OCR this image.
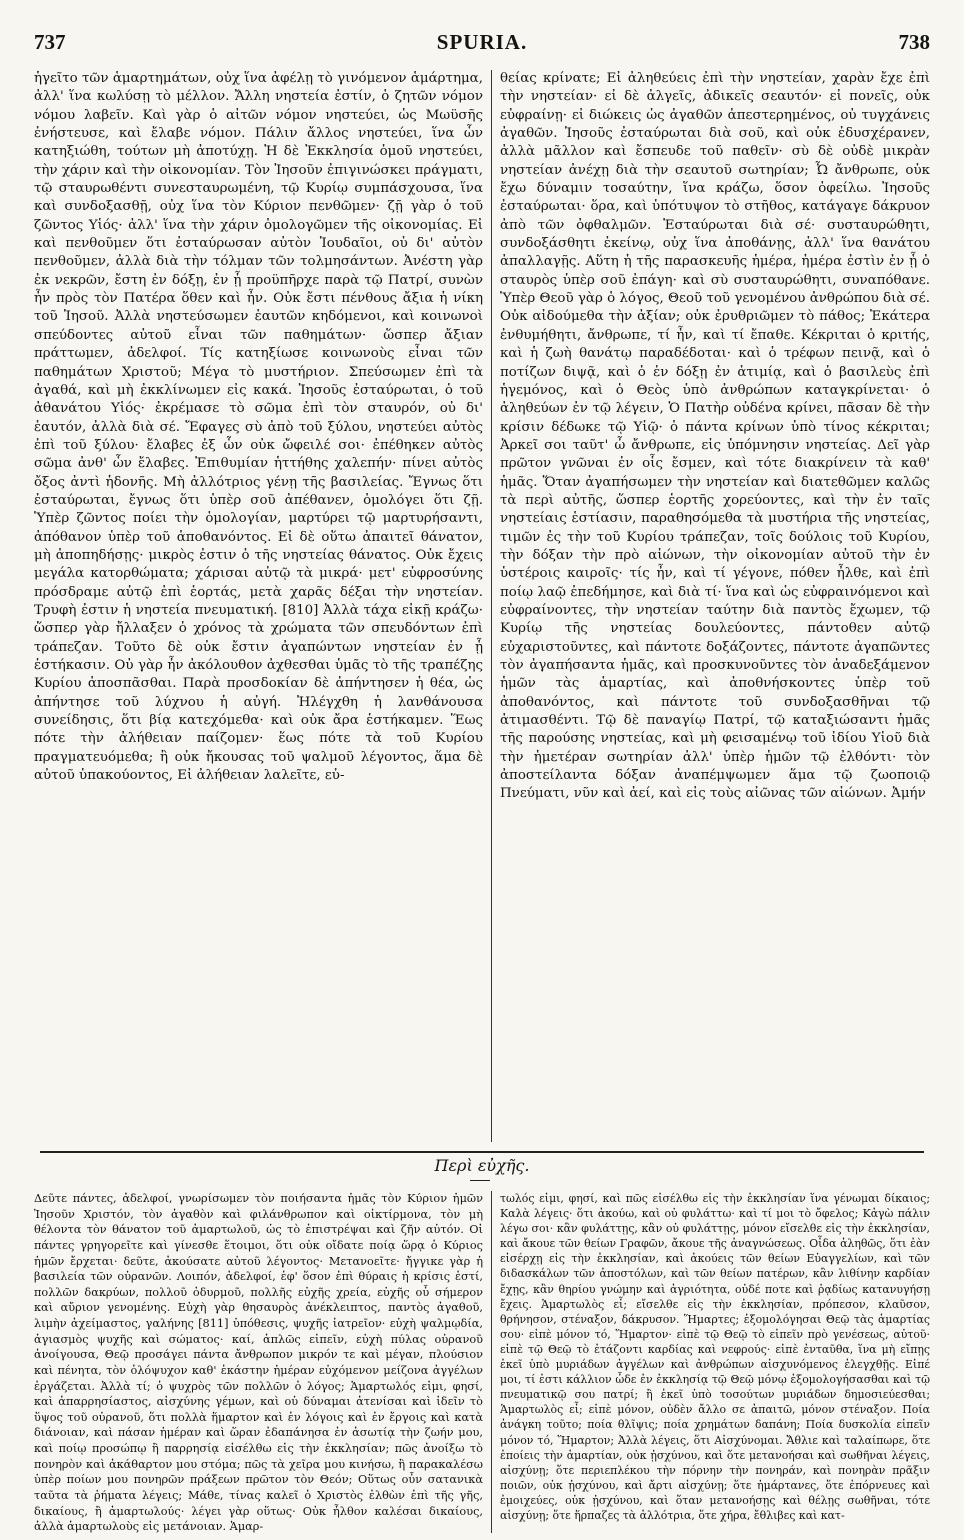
737	SPURIA.	738

ἡγεῖτο τῶν ἁμαρτημάτων, οὐχ ἵνα ἀφέλῃ τὸ γινόμενον ἁμάρτημα, ἀλλ' ἵνα κωλύσῃ τὸ μέλλον. Ἄλλη νηστεία ἐστίν, ὁ ζητῶν νόμον νόμου λαβεῖν. Καὶ γὰρ ὁ αἰτῶν νόμον νηστεύει, ὡς Μωϋσῆς ἐνήστευσε, καὶ ἔλαβε νόμον. Πάλιν ἄλλος νηστεύει, ἵνα ὧν κατηξιώθη, τούτων μὴ ἀποτύχῃ. Ἡ δὲ Ἐκκλησία ὁμοῦ νηστεύει, τὴν χάριν καὶ τὴν οἰκονομίαν. Τὸν Ἰησοῦν ἐπιγινώσκει πράγματι, τῷ σταυρωθέντι συνεσταυρωμένη, τῷ Κυρίῳ συμπάσχουσα, ἵνα καὶ συνδοξασθῇ, οὐχ ἵνα τὸν Κύριον πενθῶμεν· ζῇ γὰρ ὁ τοῦ ζῶντος Υἱός· ἀλλ' ἵνα τὴν χάριν ὁμολογῶμεν τῆς οἰκονομίας. Εἰ καὶ πενθοῦμεν ὅτι ἐσταύρωσαν αὐτὸν Ἰουδαῖοι, οὐ δι' αὐτὸν πενθοῦμεν, ἀλλὰ διὰ τὴν τόλμαν τῶν τολμησάντων. Ἀνέστη γὰρ ἐκ νεκρῶν, ἔστη ἐν δόξῃ, ἐν ᾗ προϋπῆρχε παρὰ τῷ Πατρί, συνὼν ἦν πρὸς τὸν Πατέρα ὅθεν καὶ ἦν. Οὐκ ἔστι πένθους ἄξια ἡ νίκη τοῦ Ἰησοῦ. Ἀλλὰ νηστεύσωμεν ἑαυτῶν κηδόμενοι, καὶ κοινωνοὶ σπεύδοντες αὐτοῦ εἶναι τῶν παθημάτων· ὥσπερ ἄξιαν πράττωμεν, ἀδελφοί. Τίς κατηξίωσε κοινωνοὺς εἶναι τῶν παθημάτων Χριστοῦ; Μέγα τὸ μυστήριον. Σπεύσωμεν ἐπὶ τὰ ἀγαθά, καὶ μὴ ἐκκλίνωμεν εἰς κακά. Ἰησοῦς ἐσταύρωται, ὁ τοῦ ἀθανάτου Υἱός· ἐκρέμασε τὸ σῶμα ἐπὶ τὸν σταυρόν, οὐ δι' ἑαυτόν, ἀλλὰ διὰ σέ. Ἔφαγες σὺ ἀπὸ τοῦ ξύλου, νηστεύει αὐτὸς ἐπὶ τοῦ ξύλου· ἔλαβες ἐξ ὧν οὐκ ὤφειλέ σοι· ἐπέθηκεν αὐτὸς σῶμα ἀνθ' ὧν ἔλαβες. Ἐπιθυμίαν ἡττήθης χαλεπήν· πίνει αὐτὸς ὄξος ἀντὶ ἡδονῆς. Μὴ ἀλλότριος γένῃ τῆς βασιλείας. Ἔγνως ὅτι ἐσταύρωται, ἔγνως ὅτι ὑπὲρ σοῦ ἀπέθανεν, ὁμολόγει ὅτι ζῇ. Ὑπὲρ ζῶντος ποίει τὴν ὁμολογίαν, μαρτύρει τῷ μαρτυρήσαντι, ἀπόθανον ὑπὲρ τοῦ ἀποθανόντος. Εἰ δὲ οὕτω ἀπαιτεῖ θάνατον, μὴ ἀποπηδήσῃς· μικρὸς ἐστιν ὁ τῆς νηστείας θάνατος. Οὐκ ἔχεις μεγάλα κατορθώματα; χάρισαι αὐτῷ τὰ μικρά· μετ' εὐφροσύνης πρόσδραμε αὐτῷ ἐπὶ ἑορτάς, μετὰ χαρᾶς δέξαι τὴν νηστείαν. Τρυφὴ ἐστιν ἡ νηστεία πνευματική. [810] Ἀλλὰ τάχα εἰκῇ κράζω· ὥσπερ γὰρ ἤλλαξεν ὁ χρόνος τὰ χρώματα τῶν σπευδόντων ἐπὶ τράπεζαν. Τοῦτο δὲ οὐκ ἔστιν ἀγαπώντων νηστείαν ἐν ᾗ ἑστήκασιν. Οὐ γὰρ ἦν ἀκόλουθον ἀχθεσθαι ὑμᾶς τὸ τῆς τραπέζης Κυρίου ἀποσπᾶσθαι. Παρὰ προσδοκίαν δὲ ἀπήντησεν ἡ θέα, ὡς ἀπήντησε τοῦ λύχνου ἡ αὐγή. Ἠλέγχθη ἡ λανθάνουσα συνείδησις, ὅτι βίᾳ κατεχόμεθα· καὶ οὐκ ἄρα ἑστήκαμεν. Ἕως πότε τὴν ἀλήθειαν παίζομεν· ἕως πότε τὰ τοῦ Κυρίου πραγματευόμεθα; ἢ οὐκ ἤκουσας τοῦ ψαλμοῦ λέγοντος, ἅμα δὲ αὐτοῦ ὑπακούοντος, Εἰ ἀλήθειαν λαλεῖτε, εὐ-

θείας κρίνατε; Εἰ ἀληθεύεις ἐπὶ τὴν νηστείαν, χαρὰν ἔχε ἐπὶ τὴν νηστείαν· εἰ δὲ ἀλγεῖς, ἀδικεῖς σεαυτόν· εἰ πονεῖς, οὐκ εὐφραίνῃ· εἰ διώκεις ὡς ἀγαθῶν ἀπεστερημένος, οὐ τυγχάνεις ἀγαθῶν. Ἰησοῦς ἐσταύρωται διὰ σοῦ, καὶ οὐκ ἐδυσχέρανεν, ἀλλὰ μᾶλλον καὶ ἔσπευδε τοῦ παθεῖν· σὺ δὲ οὐδὲ μικρὰν νηστείαν ἀνέχῃ διὰ τὴν σεαυτοῦ σωτηρίαν; Ὦ ἄνθρωπε, οὐκ ἔχω δύναμιν τοσαύτην, ἵνα κράζω, ὅσον ὀφείλω. Ἰησοῦς ἐσταύρωται· ὅρα, καὶ ὑπότυψον τὸ στῆθος, κατάγαγε δάκρυον ἀπὸ τῶν ὀφθαλμῶν. Ἐσταύρωται διὰ σέ· συσταυρώθητι, συνδοξάσθητι ἐκείνῳ, οὐχ ἵνα ἀποθάνῃς, ἀλλ' ἵνα θανάτου ἀπαλλαγῇς. Αὕτη ἡ τῆς παρασκευῆς ἡμέρα, ἡμέρα ἐστὶν ἐν ᾗ ὁ σταυρὸς ὑπὲρ σοῦ ἐπάγη· καὶ σὺ συσταυρώθητι, συναπόθανε. Ὑπὲρ Θεοῦ γὰρ ὁ λόγος, Θεοῦ τοῦ γενομένου ἀνθρώπου διὰ σέ. Οὐκ αἰδούμεθα τὴν ἀξίαν; οὐκ ἐρυθριῶμεν τὸ πάθος; Ἑκάτερα ἐνθυμήθητι, ἄνθρωπε, τί ἦν, καὶ τί ἔπαθε. Κέκριται ὁ κριτής, καὶ ἡ ζωὴ θανάτῳ παραδέδοται· καὶ ὁ τρέφων πεινᾷ, καὶ ὁ ποτίζων διψᾷ, καὶ ὁ ἐν δόξῃ ἐν ἀτιμίᾳ, καὶ ὁ βασιλεὺς ἐπὶ ἡγεμόνος, καὶ ὁ Θεὸς ὑπὸ ἀνθρώπων καταγκρίνεται· ὁ ἀληθεύων ἐν τῷ λέγειν, Ὁ Πατὴρ οὐδένα κρίνει, πᾶσαν δὲ τὴν κρίσιν δέδωκε τῷ Υἱῷ· ὁ πάντα κρίνων ὑπὸ τίνος κέκριται; Ἀρκεῖ σοι ταῦτ' ὦ ἄνθρωπε, εἰς ὑπόμνησιν νηστείας. Δεῖ γὰρ πρῶτον γνῶναι ἐν οἷς ἔσμεν, καὶ τότε διακρίνειν τὰ καθ' ἡμᾶς. Ὅταν ἀγαπήσωμεν τὴν νηστείαν καὶ διατεθῶμεν καλῶς τὰ περὶ αὐτῆς, ὥσπερ ἑορτῆς χορεύοντες, καὶ τὴν ἐν ταῖς νηστείαις ἑστίασιν, παραθησόμεθα τὰ μυστήρια τῆς νηστείας, τιμῶν ἐς τὴν τοῦ Κυρίου τράπεζαν, τοῖς δούλοις τοῦ Κυρίου, τὴν δόξαν τὴν πρὸ αἰώνων, τὴν οἰκονομίαν αὐτοῦ τὴν ἐν ὑστέροις καιροῖς· τίς ἦν, καὶ τί γέγονε, πόθεν ἦλθε, καὶ ἐπὶ ποίῳ λαῷ ἐπεδήμησε, καὶ διὰ τί· ἵνα καὶ ὡς εὐφραινόμενοι καὶ εὐφραίνοντες, τὴν νηστείαν ταύτην διὰ παντὸς ἔχωμεν, τῷ Κυρίῳ τῆς νηστείας δουλεύοντες, πάντοθεν αὐτῷ εὐχαριστοῦντες, καὶ πάντοτε δοξάζοντες, πάντοτε ἀγαπῶντες τὸν ἀγαπήσαντα ἡμᾶς, καὶ προσκυνοῦντες τὸν ἀναδεξάμενον ἡμῶν τὰς ἁμαρτίας, καὶ ἀποθνήσκοντες ὑπὲρ τοῦ ἀποθανόντος, καὶ πάντοτε τοῦ συνδοξασθῆναι τῷ ἀτιμασθέντι. Τῷ δὲ παναγίῳ Πατρί, τῷ καταξιώσαντι ἡμᾶς τῆς παρούσης νηστείας, καὶ μὴ φεισαμένῳ τοῦ ἰδίου Υἱοῦ διὰ τὴν ἡμετέραν σωτηρίαν ἀλλ' ὑπὲρ ἡμῶν τῷ ἐλθόντι· τὸν ἀποστείλαντα δόξαν ἀναπέμψωμεν ἅμα τῷ ζωοποιῷ Πνεύματι, νῦν καὶ ἀεί, καὶ εἰς τοὺς αἰῶνας τῶν αἰώνων. Ἀμήν

Περὶ εὐχῆς.

Δεῦτε πάντες, ἀδελφοί, γνωρίσωμεν τὸν ποιήσαντα ἡμᾶς τὸν Κύριον ἡμῶν Ἰησοῦν Χριστόν, τὸν ἀγαθὸν καὶ φιλάνθρωπον καὶ οἰκτίρμονα, τὸν μὴ θέλοντα τὸν θάνατον τοῦ ἁμαρτωλοῦ, ὡς τὸ ἐπιστρέψαι καὶ ζῆν αὐτόν. Οἱ πάντες γρηγορεῖτε καὶ γίνεσθε ἕτοιμοι, ὅτι οὐκ οἴδατε ποίᾳ ὥρᾳ ὁ Κύριος ἡμῶν ἔρχεται· δεῦτε, ἀκούσατε αὐτοῦ λέγοντος· Μετανοεῖτε· ἤγγικε γὰρ ἡ βασιλεία τῶν οὐρανῶν. Λοιπόν, ἀδελφοί, ἐφ' ὅσον ἐπὶ θύραις ἡ κρίσις ἐστί, πολλῶν δακρύων, πολλοῦ ὀδυρμοῦ, πολλῆς εὐχῆς χρεία, εὐχῆς οὗ σήμερον καὶ αὔριον γενομένης. Εὐχὴ γὰρ θησαυρὸς ἀνέκλειπτος, παντὸς ἀγαθοῦ, λιμὴν ἀχείμαστος, γαλήνης [811] ὑπόθεσις, ψυχῆς ἰατρεῖον· εὐχὴ ψαλμῳδία, ἁγιασμὸς ψυχῆς καὶ σώματος· καί, ἁπλῶς εἰπεῖν, εὐχὴ πύλας οὐρανοῦ ἀνοίγουσα, Θεῷ προσάγει πάντα ἄνθρωπον μικρόν τε καὶ μέγαν, πλούσιον καὶ πένητα, τὸν ὁλόψυχον καθ' ἑκάστην ἡμέραν εὐχόμενον μείζονα ἀγγέλων ἐργάζεται. Ἀλλὰ τί; ὁ ψυχρὸς τῶν πολλῶν ὁ λόγος; Ἁμαρτωλός εἰμι, φησί, καὶ ἀπαρρησίαστος, αἰσχύνης γέμων, καὶ οὐ δύναμαι ἀτενίσαι καὶ ἰδεῖν τὸ ὕψος τοῦ οὐρανοῦ, ὅτι πολλὰ ἥμαρτον καὶ ἐν λόγοις καὶ ἐν ἔργοις καὶ κατὰ διάνοιαν, καὶ πάσαν ἡμέραν καὶ ὥραν ἐδαπάνησα ἐν ἀσωτίᾳ τὴν ζωήν μου, καὶ ποίῳ προσώπῳ ἢ παρρησίᾳ εἰσέλθω εἰς τὴν ἐκκλησίαν; πῶς ἀνοίξω τὸ πονηρὸν καὶ ἀκάθαρτον μου στόμα; πῶς τὰ χεῖρα μου κινήσω, ἢ παρακαλέσω ὑπὲρ ποίων μου πονηρῶν πράξεων πρῶτον τὸν Θεόν; Οὕτως οὖν σατανικὰ ταῦτα τὰ ῥήματα λέγεις; Μάθε, τίνας καλεῖ ὁ Χριστὸς ἐλθὼν ἐπὶ τῆς γῆς, δικαίους, ἢ ἁμαρτωλούς· λέγει γὰρ οὕτως· Οὐκ ἦλθον καλέσαι δικαίους, ἀλλὰ ἁμαρτωλοὺς εἰς μετάνοιαν. Ἁμαρ-

τωλός εἰμι, φησί, καὶ πῶς εἰσέλθω εἰς τὴν ἐκκλησίαν ἵνα γένωμαι δίκαιος; Καλὰ λέγεις· ὅτι ἀκούω, καὶ οὐ φυλάττω· καὶ τί μοι τὸ ὄφελος; Κἀγὼ πάλιν λέγω σοι· κἂν φυλάττῃς, κἂν οὐ φυλάττῃς, μόνον εἴσελθε εἰς τὴν ἐκκλησίαν, καὶ ἄκουε τῶν θείων Γραφῶν, ἄκουε τῆς ἀναγνώσεως. Οἶδα ἀληθῶς, ὅτι ἐὰν εἰσέρχῃ εἰς τὴν ἐκκλησίαν, καὶ ἀκούεις τῶν θείων Εὐαγγελίων, καὶ τῶν διδασκάλων τῶν ἀποστόλων, καὶ τῶν θείων πατέρων, κἂν λιθίνην καρδίαν ἔχῃς, κἂν θηρίου γνώμην καὶ ἀγριότητα, οὐδέ ποτε καὶ ῥᾳδίως κατανυγήσῃ ἔχεις. Ἁμαρτωλὸς εἶ; εἴσελθε εἰς τὴν ἐκκλησίαν, πρόπεσον, κλαῦσον, θρήνησον, στέναξον, δάκρυσον. Ἥμαρτες; ἐξομολόγησαι Θεῷ τὰς ἁμαρτίας σου· εἰπὲ μόνον τό, Ἥμαρτον· εἰπὲ τῷ Θεῷ τὸ εἰπεῖν πρὸ γενέσεως, αὐτοῦ· εἰπὲ τῷ Θεῷ τὸ ἐτάζοντι καρδίας καὶ νεφρούς· εἰπὲ ἐνταῦθα, ἵνα μὴ εἴπῃς ἐκεῖ ὑπὸ μυριάδων ἀγγέλων καὶ ἀνθρώπων αἰσχυνόμενος ἐλεγχθῇς. Εἰπέ μοι, τί ἐστι κάλλιον ὧδε ἐν ἐκκλησίᾳ τῷ Θεῷ μόνῳ ἐξομολογήσασθαι καὶ τῷ πνευματικῷ σου πατρί; ἢ ἐκεῖ ὑπὸ τοσούτων μυριάδων δημοσιεύεσθαι; Ἁμαρτωλὸς εἶ; εἰπὲ μόνον, οὐδὲν ἄλλο σε ἀπαιτῶ, μόνον στέναξον. Ποία ἀνάγκη τοῦτο; ποία θλῖψις; ποία χρημάτων δαπάνη; Ποία δυσκολία εἰπεῖν μόνον τό, Ἥμαρτον; Ἀλλὰ λέγεις, ὅτι Αἰσχύνομαι. Ἄθλιε καὶ ταλαίπωρε, ὅτε ἐποίεις τὴν ἁμαρτίαν, οὐκ ᾐσχύνου, καὶ ὅτε μετανοήσαι καὶ σωθῆναι λέγεις, αἰσχύνῃ; ὅτε περιεπλέκου τὴν πόρνην τὴν πονηράν, καὶ πονηρὰν πρᾶξιν ποιῶν, οὐκ ᾐσχύνου, καὶ ἄρτι αἰσχύνῃ; ὅτε ἡμάρτανες, ὅτε ἐπόρνευες καὶ ἐμοιχεύες, οὐκ ᾐσχύνου, καὶ ὅταν μετανοήσῃς καὶ θέλῃς σωθῆναι, τότε αἰσχύνῃ; ὅτε ἥρπαζες τὰ ἀλλότρια, ὅτε χήρα, ἔθλιβες καὶ κατ-
